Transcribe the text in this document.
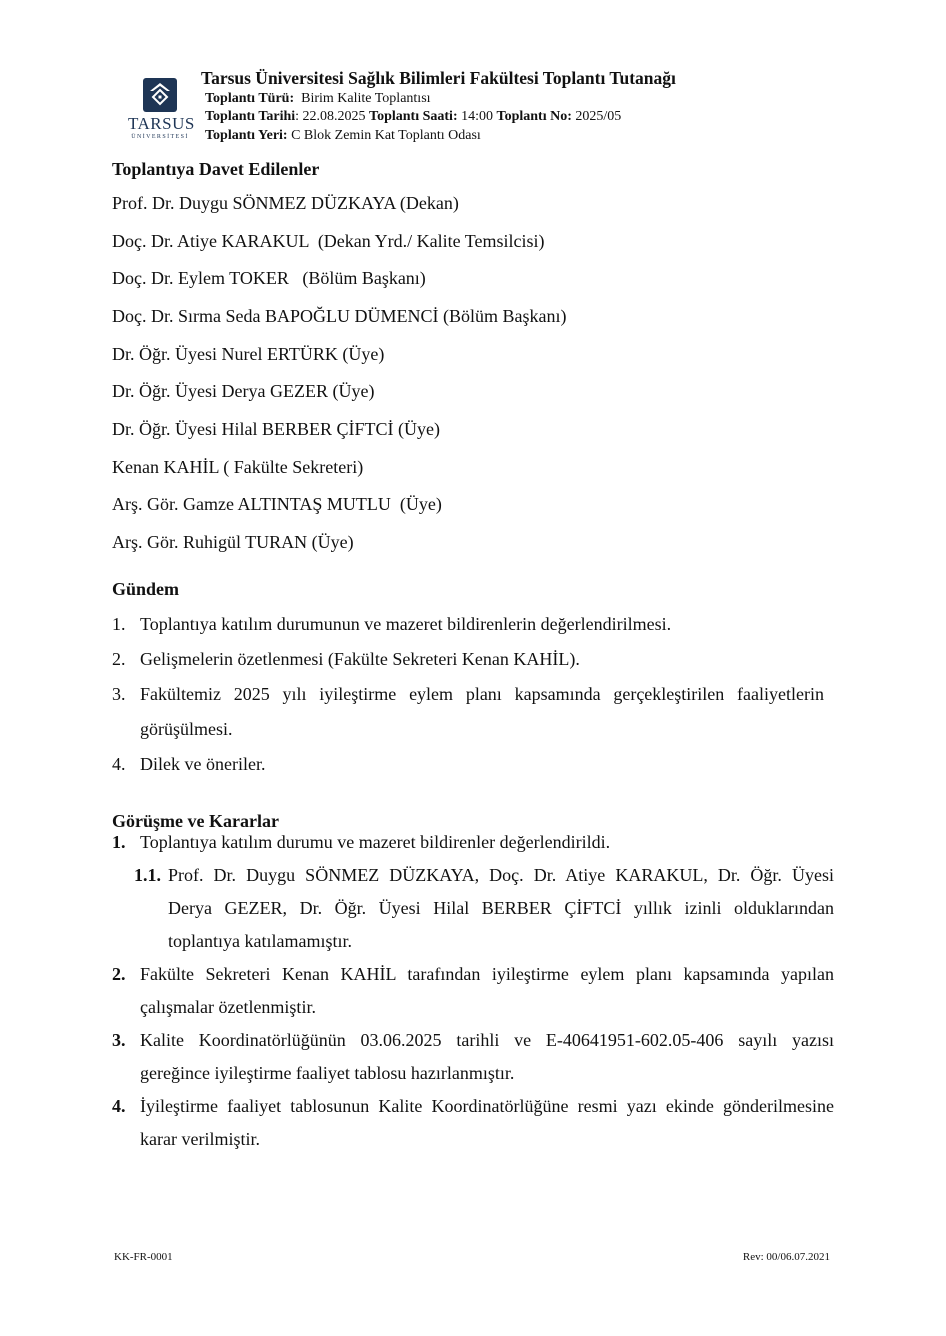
TARSUS
ÜNİVERSİTESİ
Tarsus Üniversitesi Sağlık Bilimleri Fakültesi Toplantı Tutanağı
Toplantı Türü: Birim Kalite Toplantısı
Toplantı Tarihi: 22.08.2025 Toplantı Saati: 14:00 Toplantı No: 2025/05
Toplantı Yeri: C Blok Zemin Kat Toplantı Odası
Toplantıya Davet Edilenler
Prof. Dr. Duygu SÖNMEZ DÜZKAYA (Dekan)
Doç. Dr. Atiye KARAKUL  (Dekan Yrd./ Kalite Temsilcisi)
Doç. Dr. Eylem TOKER   (Bölüm Başkanı)
Doç. Dr. Sırma Seda BAPOĞLU DÜMENCİ (Bölüm Başkanı)
Dr. Öğr. Üyesi Nurel ERTÜRK (Üye)
Dr. Öğr. Üyesi Derya GEZER (Üye)
Dr. Öğr. Üyesi Hilal BERBER ÇİFTCİ (Üye)
Kenan KAHİL ( Fakülte Sekreteri)
Arş. Gör. Gamze ALTINTAŞ MUTLU  (Üye)
Arş. Gör. Ruhigül TURAN (Üye)
Gündem
1. Toplantıya katılım durumunun ve mazeret bildirenlerin değerlendirilmesi.
2. Gelişmelerin özetlenmesi (Fakülte Sekreteri Kenan KAHİL).
3. Fakültemiz 2025 yılı iyileştirme eylem planı kapsamında gerçekleştirilen faaliyetlerin
görüşülmesi.
4. Dilek ve öneriler.
Görüşme ve Kararlar
1. Toplantıya katılım durumu ve mazeret bildirenler değerlendirildi.
1.1. Prof. Dr. Duygu SÖNMEZ DÜZKAYA, Doç. Dr. Atiye KARAKUL, Dr. Öğr. Üyesi
Derya GEZER, Dr. Öğr. Üyesi Hilal BERBER ÇİFTCİ yıllık izinli olduklarından
toplantıya katılamamıştır.
2. Fakülte Sekreteri Kenan KAHİL tarafından iyileştirme eylem planı kapsamında yapılan
çalışmalar özetlenmiştir.
3. Kalite Koordinatörlüğünün 03.06.2025 tarihli ve E-40641951-602.05-406 sayılı yazısı
gereğince iyileştirme faaliyet tablosu hazırlanmıştır.
4. İyileştirme faaliyet tablosunun Kalite Koordinatörlüğüne resmi yazı ekinde gönderilmesine
karar verilmiştir.
KK-FR-0001	Rev: 00/06.07.2021
